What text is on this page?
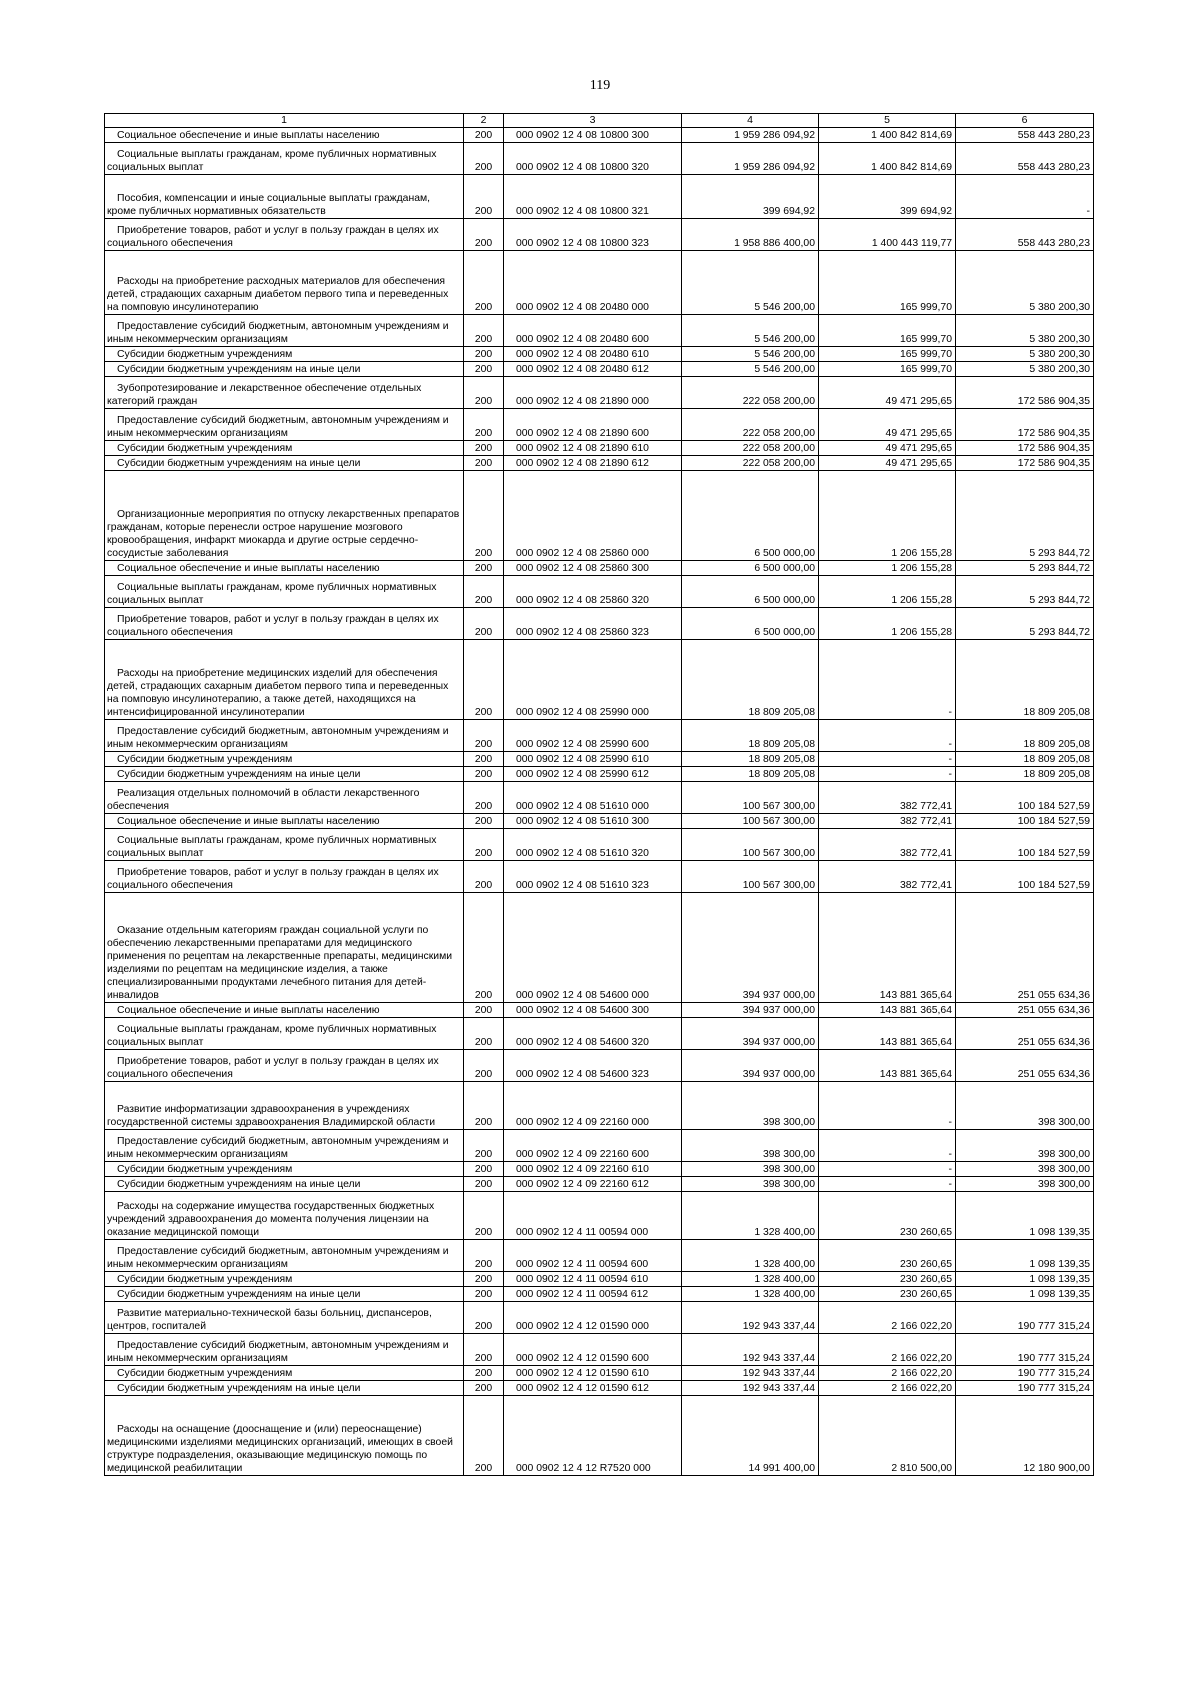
119
1	2	3	4	5	6

Социальное обеспечение и иные выплаты населению	200	000 0902 12 4 08 10800 300	1 959 286 094,92	1 400 842 814,69	558 443 280,23

Социальные выплаты гражданам, кроме публичных нормативных социальных выплат	200	000 0902 12 4 08 10800 320	1 959 286 094,92	1 400 842 814,69	558 443 280,23

Пособия, компенсации и иные социальные выплаты гражданам, кроме публичных нормативных обязательств	200	000 0902 12 4 08 10800 321	399 694,92	399 694,92	-

Приобретение товаров, работ и услуг в пользу граждан в целях их социального обеспечения	200	000 0902 12 4 08 10800 323	1 958 886 400,00	1 400 443 119,77	558 443 280,23

Расходы на приобретение расходных материалов для обеспечения детей, страдающих сахарным диабетом первого типа и переведенных на помповую инсулинотерапию	200	000 0902 12 4 08 20480 000	5 546 200,00	165 999,70	5 380 200,30

Предоставление субсидий бюджетным, автономным учреждениям и иным некоммерческим организациям	200	000 0902 12 4 08 20480 600	5 546 200,00	165 999,70	5 380 200,30

Субсидии бюджетным учреждениям	200	000 0902 12 4 08 20480 610	5 546 200,00	165 999,70	5 380 200,30

Субсидии бюджетным учреждениям на иные цели	200	000 0902 12 4 08 20480 612	5 546 200,00	165 999,70	5 380 200,30

Зубопротезирование и лекарственное обеспечение отдельных категорий граждан	200	000 0902 12 4 08 21890 000	222 058 200,00	49 471 295,65	172 586 904,35

Предоставление субсидий бюджетным, автономным учреждениям и иным некоммерческим организациям	200	000 0902 12 4 08 21890 600	222 058 200,00	49 471 295,65	172 586 904,35

Субсидии бюджетным учреждениям	200	000 0902 12 4 08 21890 610	222 058 200,00	49 471 295,65	172 586 904,35

Субсидии бюджетным учреждениям на иные цели	200	000 0902 12 4 08 21890 612	222 058 200,00	49 471 295,65	172 586 904,35

Организационные мероприятия по отпуску лекарственных препаратов гражданам, которые перенесли острое нарушение мозгового кровообращения, инфаркт миокарда и другие острые сердечно-сосудистые заболевания	200	000 0902 12 4 08 25860 000	6 500 000,00	1 206 155,28	5 293 844,72

Социальное обеспечение и иные выплаты населению	200	000 0902 12 4 08 25860 300	6 500 000,00	1 206 155,28	5 293 844,72

Социальные выплаты гражданам, кроме публичных нормативных социальных выплат	200	000 0902 12 4 08 25860 320	6 500 000,00	1 206 155,28	5 293 844,72

Приобретение товаров, работ и услуг в пользу граждан в целях их социального обеспечения	200	000 0902 12 4 08 25860 323	6 500 000,00	1 206 155,28	5 293 844,72

Расходы на приобретение медицинских изделий для обеспечения детей, страдающих сахарным диабетом первого типа и переведенных на помповую инсулинотерапию, а также детей, находящихся на интенсифицированной инсулинотерапии	200	000 0902 12 4 08 25990 000	18 809 205,08	-	18 809 205,08

Предоставление субсидий бюджетным, автономным учреждениям и иным некоммерческим организациям	200	000 0902 12 4 08 25990 600	18 809 205,08	-	18 809 205,08

Субсидии бюджетным учреждениям	200	000 0902 12 4 08 25990 610	18 809 205,08	-	18 809 205,08

Субсидии бюджетным учреждениям на иные цели	200	000 0902 12 4 08 25990 612	18 809 205,08	-	18 809 205,08

Реализация отдельных полномочий в области лекарственного обеспечения	200	000 0902 12 4 08 51610 000	100 567 300,00	382 772,41	100 184 527,59

Социальное обеспечение и иные выплаты населению	200	000 0902 12 4 08 51610 300	100 567 300,00	382 772,41	100 184 527,59

Социальные выплаты гражданам, кроме публичных нормативных социальных выплат	200	000 0902 12 4 08 51610 320	100 567 300,00	382 772,41	100 184 527,59

Приобретение товаров, работ и услуг в пользу граждан в целях их социального обеспечения	200	000 0902 12 4 08 51610 323	100 567 300,00	382 772,41	100 184 527,59

Оказание отдельным категориям граждан социальной услуги по обеспечению лекарственными препаратами для медицинского применения по рецептам на лекарственные препараты, медицинскими изделиями по рецептам на медицинские изделия, а также специализированными продуктами лечебного питания для детей-инвалидов	200	000 0902 12 4 08 54600 000	394 937 000,00	143 881 365,64	251 055 634,36

Социальное обеспечение и иные выплаты населению	200	000 0902 12 4 08 54600 300	394 937 000,00	143 881 365,64	251 055 634,36

Социальные выплаты гражданам, кроме публичных нормативных социальных выплат	200	000 0902 12 4 08 54600 320	394 937 000,00	143 881 365,64	251 055 634,36

Приобретение товаров, работ и услуг в пользу граждан в целях их социального обеспечения	200	000 0902 12 4 08 54600 323	394 937 000,00	143 881 365,64	251 055 634,36

Развитие информатизации здравоохранения в учреждениях государственной системы здравоохранения Владимирской области	200	000 0902 12 4 09 22160 000	398 300,00	-	398 300,00

Предоставление субсидий бюджетным, автономным учреждениям и иным некоммерческим организациям	200	000 0902 12 4 09 22160 600	398 300,00	-	398 300,00

Субсидии бюджетным учреждениям	200	000 0902 12 4 09 22160 610	398 300,00	-	398 300,00

Субсидии бюджетным учреждениям на иные цели	200	000 0902 12 4 09 22160 612	398 300,00	-	398 300,00

Расходы на содержание имущества государственных бюджетных учреждений здравоохранения до момента получения лицензии на оказание медицинской помощи	200	000 0902 12 4 11 00594 000	1 328 400,00	230 260,65	1 098 139,35

Предоставление субсидий бюджетным, автономным учреждениям и иным некоммерческим организациям	200	000 0902 12 4 11 00594 600	1 328 400,00	230 260,65	1 098 139,35

Субсидии бюджетным учреждениям	200	000 0902 12 4 11 00594 610	1 328 400,00	230 260,65	1 098 139,35

Субсидии бюджетным учреждениям на иные цели	200	000 0902 12 4 11 00594 612	1 328 400,00	230 260,65	1 098 139,35

Развитие материально-технической базы больниц, диспансеров, центров, госпиталей	200	000 0902 12 4 12 01590 000	192 943 337,44	2 166 022,20	190 777 315,24

Предоставление субсидий бюджетным, автономным учреждениям и иным некоммерческим организациям	200	000 0902 12 4 12 01590 600	192 943 337,44	2 166 022,20	190 777 315,24

Субсидии бюджетным учреждениям	200	000 0902 12 4 12 01590 610	192 943 337,44	2 166 022,20	190 777 315,24

Субсидии бюджетным учреждениям на иные цели	200	000 0902 12 4 12 01590 612	192 943 337,44	2 166 022,20	190 777 315,24

Расходы на оснащение (дооснащение и (или) переоснащение) медицинскими изделиями медицинских организаций, имеющих в своей структуре подразделения, оказывающие медицинскую помощь по медицинской реабилитации	200	000 0902 12 4 12 R7520 000	14 991 400,00	2 810 500,00	12 180 900,00
